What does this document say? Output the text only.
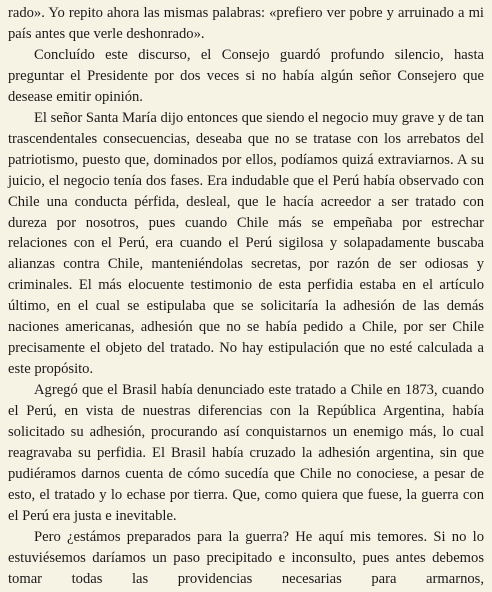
rado». Yo repito ahora las mismas palabras: «prefiero ver pobre y arruinado a mi país antes que verle deshonrado».

Concluído este discurso, el Consejo guardó profundo silencio, hasta preguntar el Presidente por dos veces si no había algún señor Consejero que desease emitir opinión.

El señor Santa María dijo entonces que siendo el negocio muy grave y de tan trascendentales consecuencias, deseaba que no se tratase con los arrebatos del patriotismo, puesto que, dominados por ellos, podíamos quizá extraviarnos. A su juicio, el negocio tenía dos fases. Era indudable que el Perú había observado con Chile una conducta pérfida, desleal, que le hacía acreedor a ser tratado con dureza por nosotros, pues cuando Chile más se empeñaba por estrechar relaciones con el Perú, era cuando el Perú sigilosa y solapadamente buscaba alianzas contra Chile, manteniéndolas secretas, por razón de ser odiosas y criminales. El más elocuente testimonio de esta perfidia estaba en el artículo último, en el cual se estipulaba que se solicitaría la adhesión de las demás naciones americanas, adhesión que no se había pedido a Chile, por ser Chile precisamente el objeto del tratado. No hay estipulación que no esté calculada a este propósito.

Agregó que el Brasil había denunciado este tratado a Chile en 1873, cuando el Perú, en vista de nuestras diferencias con la República Argentina, había solicitado su adhesión, procurando así conquistarnos un enemigo más, lo cual reagravaba su perfidia. El Brasil había cruzado la adhesión argentina, sin que pudiéramos darnos cuenta de cómo sucedía que Chile no conociese, a pesar de esto, el tratado y lo echase por tierra. Que, como quiera que fuese, la guerra con el Perú era justa e inevitable.

Pero ¿estámos preparados para la guerra? He aquí mis temores. Si no lo estuviésemos daríamos un paso precipitado e inconsulto, pues antes debemos tomar todas las providencias necesarias para armarnos,
